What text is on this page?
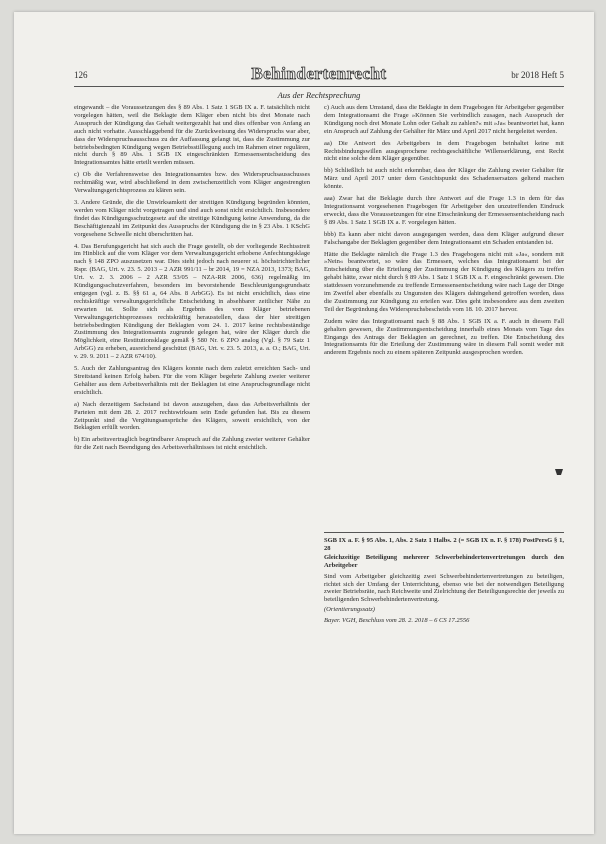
126	Behindertenrecht	br 2018 Heft 5
Aus der Rechtsprechung

eingewandt – die Voraussetzungen des § 89 Abs. 1 Satz 1 SGB IX a. F. tatsächlich nicht vorgelegen hätten, weil die Beklagte dem Kläger eben nicht bis drei Monate nach Ausspruch der Kündigung das Gehalt weitergezahlt hat und dies offenbar von Anfang an auch nicht vorhatte. Ausschlaggebend für die Zurückweisung des Widerspruchs war aber, dass der Widerspruchsausschuss zu der Auffassung gelangt ist, dass die Zustimmung zur betriebsbedingten Kündigung wegen Betriebsstilllegung auch im Rahmen einer regulären, nicht durch § 89 Abs. 1 SGB IX eingeschränkten Ermessensentscheidung des Integrationsamtes hätte erteilt werden müssen.

c) Ob die Verfahrensweise des Integrationsamtes bzw. des Widerspruchsausschusses rechtmäßig war, wird abschließend in dem zwischenzeitlich vom Kläger angestrengten Verwaltungsgerichtsprozess zu klären sein.

3. Andere Gründe, die die Unwirksamkeit der streitigen Kündigung begründen könnten, werden vom Kläger nicht vorgetragen und sind auch sonst nicht ersichtlich. Insbesondere findet das Kündigungsschutzgesetz auf die streitige Kündigung keine Anwendung, da die Beschäftigtenzahl im Zeitpunkt des Ausspruchs der Kündigung die in § 23 Abs. 1 KSchG vorgesehene Schwelle nicht überschritten hat.

4. Das Berufungsgericht hat sich auch die Frage gestellt, ob der vorliegende Rechtsstreit im Hinblick auf die vom Kläger vor dem Verwaltungsgericht erhobene Anfechtungsklage nach § 148 ZPO auszusetzen war. Dies steht jedoch nach neuerer st. höchstrichterlicher Rspr. (BAG, Urt. v. 23. 5. 2013 – 2 AZR 991/11 – br 2014, 19 = NZA 2013, 1373; BAG, Urt. v. 2. 3. 2006 – 2 AZR 53/05 – NZA-RR 2006, 636) regelmäßig im Kündigungsschutzverfahren, besonders im bevorstehende Beschleunigungsgrundsatz entgegen (vgl. z. B. §§ 61 a, 64 Abs. 8 ArbGG). Es ist nicht ersichtlich, dass eine rechtskräftige verwaltungsgerichtliche Entscheidung in absehbarer zeitlicher Nähe zu erwarten ist. Sollte sich als Ergebnis des vom Kläger betriebenen Verwaltungsgerichtsprozesses rechtskräftig herausstellen, dass der hier streitigen betriebsbedingten Kündigung der Beklagten vom 24. 1. 2017 keine rechtsbeständige Zustimmung des Integrationsamts zugrunde gelegen hat, wäre der Kläger durch die Möglichkeit, eine Restitutionsklage gemäß § 580 Nr. 6 ZPO analog (Vgl. § 79 Satz 1 ArbGG) zu erheben, ausreichend geschützt (BAG, Urt. v. 23. 5. 2013, a. a. O.; BAG, Urt. v. 29. 9. 2011 – 2 AZR 674/10).

5. Auch der Zahlungsantrag des Klägers konnte nach dem zuletzt erreichten Sach- und Streitstand keinen Erfolg haben. Für die vom Kläger begehrte Zahlung zweier weiterer Gehälter aus dem Arbeitsverhältnis mit der Beklagten ist eine Anspruchsgrundlage nicht ersichtlich.

a) Nach derzeitigem Sachstand ist davon auszugehen, dass das Arbeitsverhältnis der Parteien mit dem 28. 2. 2017 rechtswirksam sein Ende gefunden hat. Bis zu diesem Zeitpunkt sind die Vergütungsansprüche des Klägers, soweit ersichtlich, von der Beklagten erfüllt worden.

b) Ein arbeitsvertraglich begründbarer Anspruch auf die Zahlung zweier weiterer Gehälter für die Zeit nach Beendigung des Arbeitsverhältnisses ist nicht ersichtlich.

c) Auch aus dem Umstand, dass die Beklagte in dem Fragebogen für Arbeitgeber gegenüber dem Integrationsamt die Frage »Können Sie verbindlich zusagen, nach Ausspruch der Kündigung noch drei Monate Lohn oder Gehalt zu zahlen?« mit »Ja« beantwortet hat, kann ein Anspruch auf Zahlung der Gehälter für März und April 2017 nicht hergeleitet werden.

aa) Die Antwort des Arbeitgebers in dem Fragebogen beinhaltet keine mit Rechtsbindungswillen ausgesprochene rechtsgeschäftliche Willenserklärung, erst Recht nicht eine solche dem Kläger gegenüber.

bb) Schließlich ist auch nicht erkennbar, dass der Kläger die Zahlung zweier Gehälter für März und April 2017 unter dem Gesichtspunkt des Schadensersatzes geltend machen könnte.

aaa) Zwar hat die Beklagte durch ihre Antwort auf die Frage 1.3 in dem für das Integrationsamt vorgesehenen Fragebogen für Arbeitgeber den unzutreffenden Eindruck erweckt, dass die Voraussetzungen für eine Einschränkung der Ermessensentscheidung nach § 89 Abs. 1 Satz 1 SGB IX a. F. vorgelegen hätten.

bbb) Es kann aber nicht davon ausgegangen werden, dass dem Kläger aufgrund dieser Falschangabe der Beklagten gegenüber dem Integrationsamt ein Schaden entstanden ist.

Hätte die Beklagte nämlich die Frage 1.3 des Fragebogens nicht mit »Ja«, sondern mit »Nein« beantwortet, so wäre das Ermessen, welches das Integrationsamt bei der Entscheidung über die Erteilung der Zustimmung der Kündigung des Klägers zu treffen gehabt hätte, zwar nicht durch § 89 Abs. 1 Satz 1 SGB IX a. F. eingeschränkt gewesen. Die stattdessen vorzunehmende zu treffende Ermessensentscheidung wäre nach Lage der Dinge im Zweifel aber ebenfalls zu Ungunsten des Klägers dahingehend getroffen worden, dass die Zustimmung zur Kündigung zu erteilen war. Dies geht insbesondere aus dem zweiten Teil der Begründung des Widerspruchsbescheids vom 18. 10. 2017 hervor.

Zudem wäre das Integrationsamt nach § 88 Abs. 1 SGB IX a. F. auch in diesem Fall gehalten gewesen, die Zustimmungsentscheidung innerhalb eines Monats vom Tage des Eingangs des Antrags der Beklagten an gerechnet, zu treffen. Die Entscheidung des Integrationsamts für die Erteilung der Zustimmung wäre in diesem Fall somit weder mit anderem Ergebnis noch zu einem späteren Zeitpunkt ausgesprochen worden.

SGB IX a. F. § 95 Abs. 1, Abs. 2 Satz 1 Halbs. 2 (= SGB IX n. F. § 178) PostPersG § 1, 28

Gleichzeitige Beteiligung mehrerer Schwerbehindertenvertretungen durch den Arbeitgeber

Sind vom Arbeitgeber gleichzeitig zwei Schwerbehindertenvertretungen zu beteiligen, richtet sich der Umfang der Unterrichtung, ebenso wie bei der notwendigen Beteiligung zweier Betriebsräte, nach Reichweite und Zielrichtung der Beteiligungsrechte der jeweils zu beteiligenden Schwerbehindertenvertretung.

(Orientierungssatz)

Bayer. VGH, Beschluss vom 28. 2. 2018 – 6 CS 17.2556
